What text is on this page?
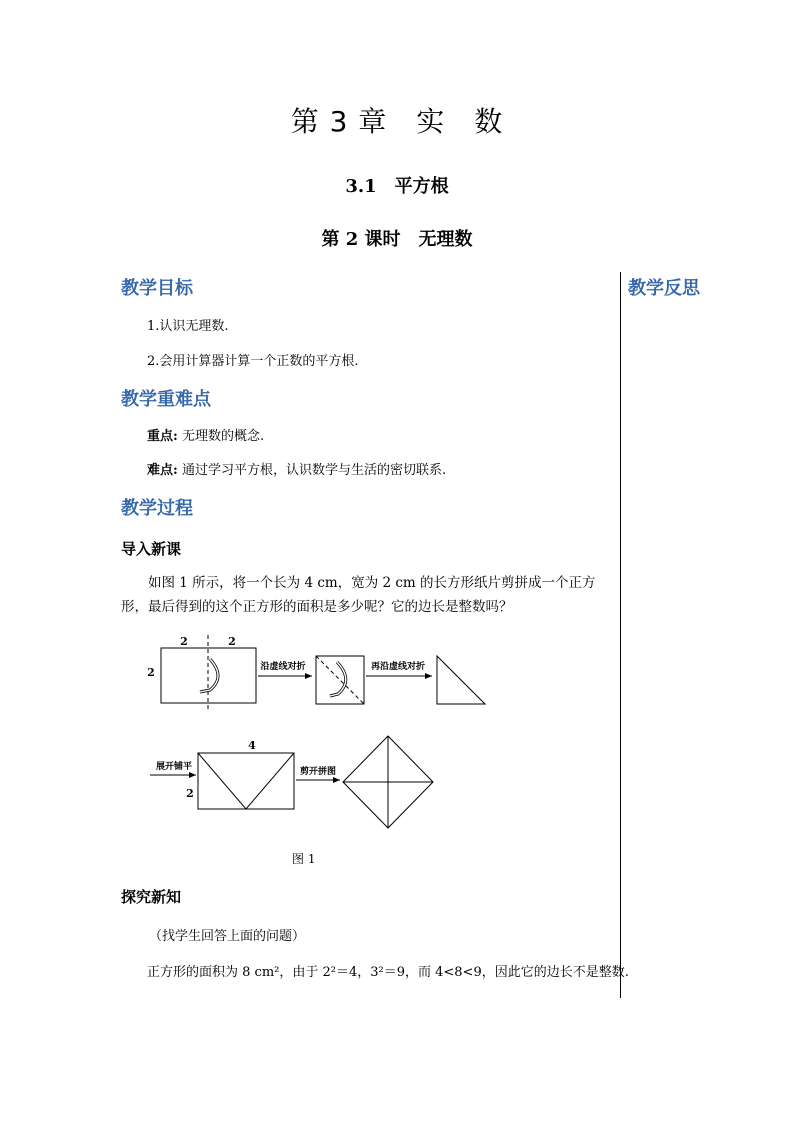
第 3 章　实　数
3.1　平方根
第 2 课时　无理数
教学反思
教学目标
1.认识无理数.
2.会用计算器计算一个正数的平方根.
教学重难点
重点: 无理数的概念.
难点: 通过学习平方根，认识数学与生活的密切联系.
教学过程
导入新课
如图 1 所示，将一个长为 4 cm，宽为 2 cm 的长方形纸片剪拼成一个正方形，最后得到的这个正方形的面积是多少呢？它的边长是整数吗？
2	2
2	沿虚线对折	再沿虚线对折
展开铺平
2
4
剪开拼图
图 1
探究新知
（找学生回答上面的问题）
正方形的面积为 8 cm²，由于 2²＝4，3²＝9，而 4<8<9，因此它的边长不是整数.
